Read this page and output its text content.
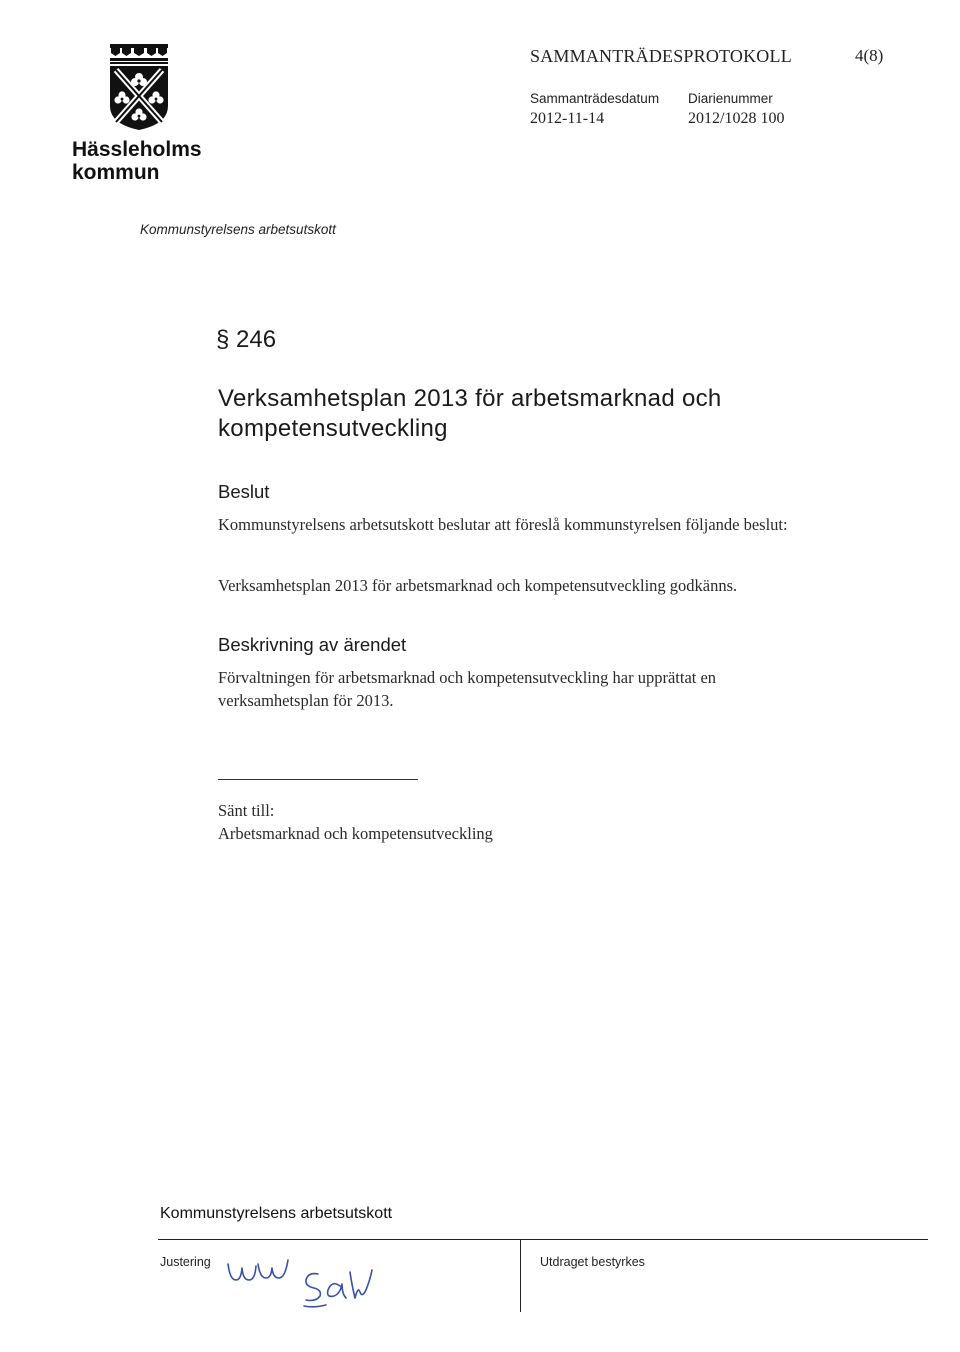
Hässleholms
kommun
SAMMANTRÄDESPROTOKOLL	4(8)
Sammanträdesdatum
2012-11-14
Diarienummer
2012/1028 100
Kommunstyrelsens arbetsutskott
§ 246
Verksamhetsplan 2013 för arbetsmarknad och kompetensutveckling
Beslut
Kommunstyrelsens arbetsutskott beslutar att föreslå kommunstyrelsen följande beslut:
Verksamhetsplan 2013 för arbetsmarknad och kompetensutveckling godkänns.
Beskrivning av ärendet
Förvaltningen för arbetsmarknad och kompetensutveckling har upprättat en verksamhetsplan för 2013.
Sänt till:
Arbetsmarknad och kompetensutveckling
Kommunstyrelsens arbetsutskott
Justering	Utdraget bestyrkes
